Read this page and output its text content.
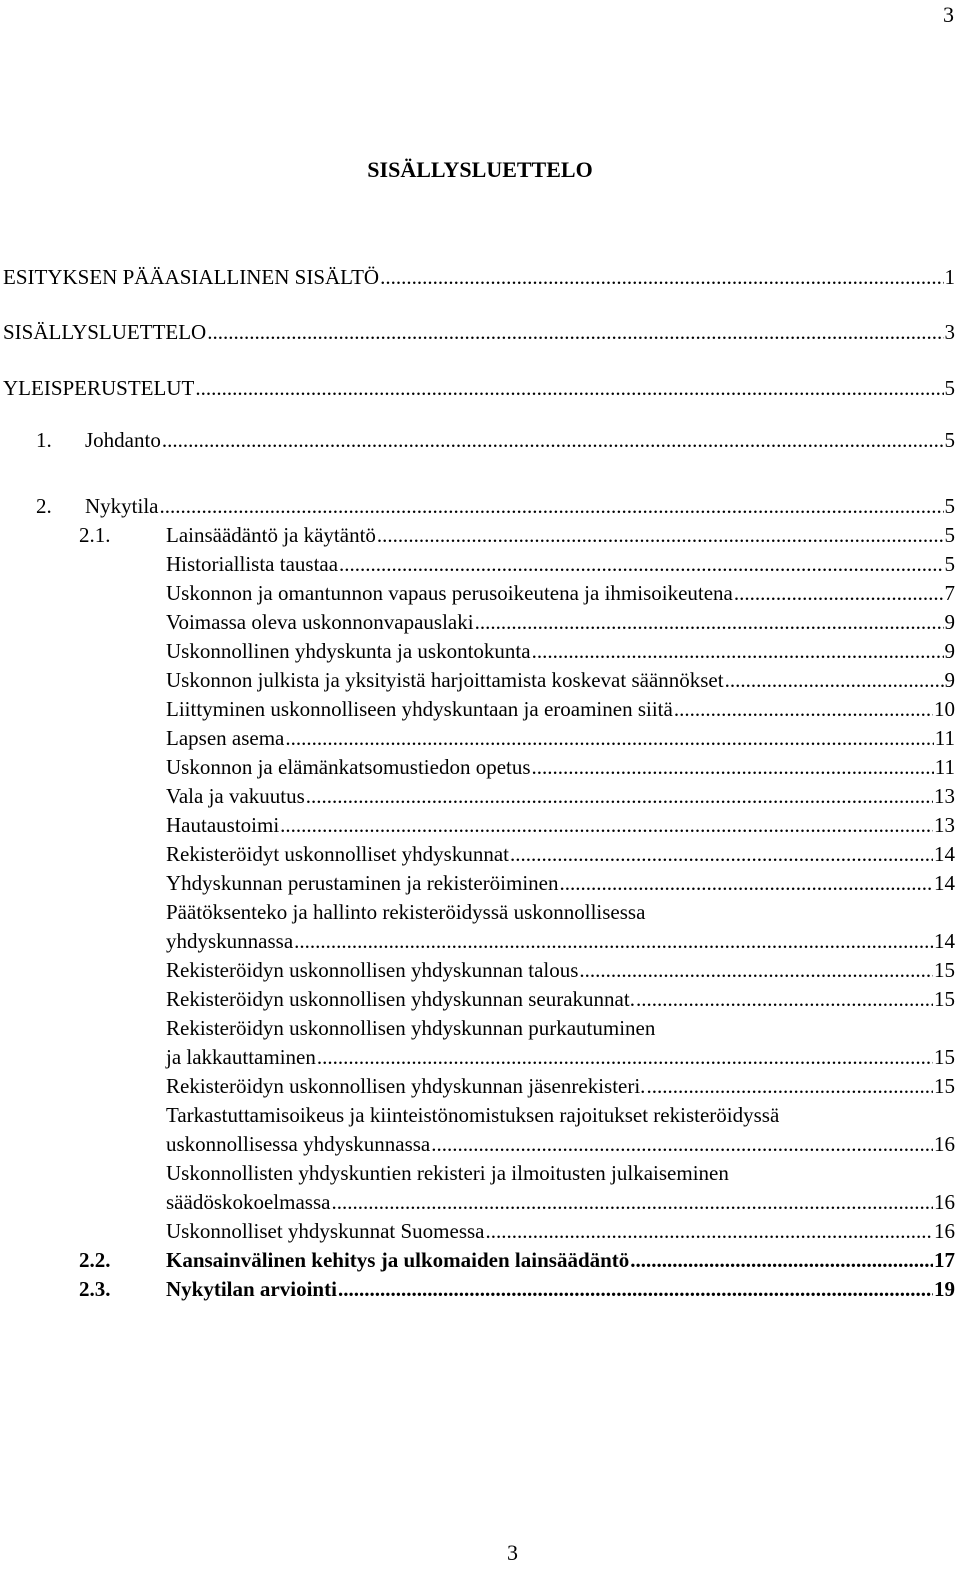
3
SISÄLLYSLUETTELO
ESITYKSEN PÄÄASIALLINEN SISÄLTÖ .....	1
SISÄLLYSLUETTELO .....	3
YLEISPERUSTELUT .....	5
1. Johdanto .....	5
2. Nykytila .....	5
2.1.	Lainsäädäntö ja käytäntö .....	5
Historiallista taustaa .....	5
Uskonnon ja omantunnon vapaus perusoikeutena ja ihmisoikeutena .....	7
Voimassa oleva uskonnonvapauslaki .....	9
Uskonnollinen yhdyskunta ja uskontokunta .....	9
Uskonnon julkista ja yksityistä harjoittamista koskevat säännökset .....	9
Liittyminen uskonnolliseen yhdyskuntaan ja eroaminen siitä .....	10
Lapsen asema .....	11
Uskonnon ja elämänkatsomustiedon opetus .....	11
Vala ja vakuutus .....	13
Hautaustoimi .....	13
Rekisteröidyt uskonnolliset yhdyskunnat .....	14
Yhdyskunnan perustaminen ja rekisteröiminen .....	14
Päätöksenteko ja hallinto rekisteröidyssä uskonnollisessa
yhdyskunnassa .....	14
Rekisteröidyn uskonnollisen yhdyskunnan talous .....	15
Rekisteröidyn uskonnollisen yhdyskunnan seurakunnat. .....	15
Rekisteröidyn uskonnollisen yhdyskunnan purkautuminen
ja lakkauttaminen .....	15
Rekisteröidyn uskonnollisen yhdyskunnan jäsenrekisteri. .....	15
Tarkastuttamisoikeus ja kiinteistönomistuksen rajoitukset rekisteröidyssä
uskonnollisessa yhdyskunnassa .....	16
Uskonnollisten yhdyskuntien rekisteri ja ilmoitusten julkaiseminen
säädöskokoelmassa .....	16
Uskonnolliset yhdyskunnat Suomessa .....	16
2.2.	Kansainvälinen kehitys ja ulkomaiden lainsäädäntö .....	17
2.3.	Nykytilan arviointi .....	19
3
